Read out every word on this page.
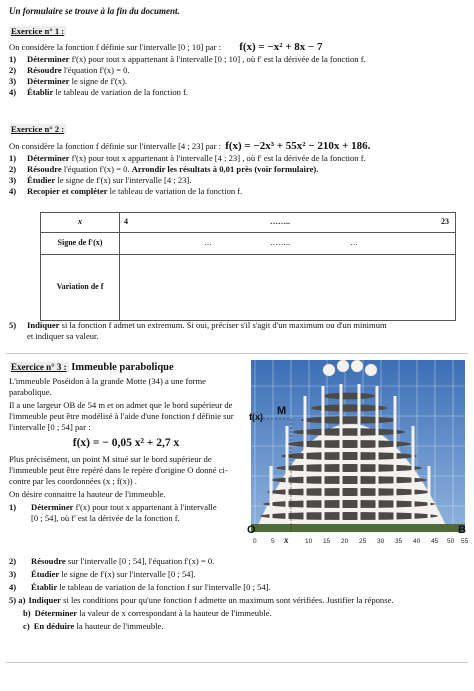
Un formulaire se trouve à la fin du document.
Exercice n° 1 :
On considère la fonction f définie sur l'intervalle [0 ; 10] par : f(x) = −x² + 8x − 7
1) Déterminer f'(x) pour tout x appartenant à l'intervalle [0 ; 10] , où f' est la dérivée de la fonction f.
2) Résoudre l'équation f'(x) = 0.
3) Déterminer le signe de f'(x).
4) Établir le tableau de variation de la fonction f.
Exercice n° 2 :
On considère la fonction f définie sur l'intervalle [4 ; 23] par : f(x) = −2x³ + 55x² − 210x + 186.
1) Déterminer f'(x) pour tout x appartenant à l'intervalle [4 ; 23] , où f' est la dérivée de la fonction f.
2) Résoudre l'équation f'(x) = 0. Arrondir les résultats à 0,01 près (voir formulaire).
3) Étudier le signe de f'(x) sur l'intervalle [4 ; 23].
4) Recopier et compléter le tableau de variation de la fonction f.
x	4 …….. 23

Signe de f'(x)	… …….. …

Variation de f	
5) Indiquer si la fonction f admet un extremum. Si oui, préciser s'il s'agit d'un maximum ou d'un minimum
et indiquer sa valeur.
Exercice n° 3 : Immeuble parabolique
L'immeuble Poséidon à la grande Motte (34) a une forme parabolique.
Il a une largeur OB de 54 m et on admet que le bord supérieur de l'immeuble peut être modélisé à l'aide d'une fonction f définie sur l'intervalle [0 ; 54] par :
f(x) = − 0,05 x² + 2,7 x
Plus précisément, un point M situé sur le bord supérieur de l'immeuble peut être repéré dans le repère d'origine O donné ci-contre par les coordonnées (x ; f(x)) .
On désire connaitre la hauteur de l'immeuble.
1)	Déterminer f'(x) pour tout x appartenant à l'intervalle [0 ; 54], où f' est la dérivée de la fonction f.
f(x) M
O	B
x
0 5	10 15 20 25 30 35 40 45 50 55
2) Résoudre sur l'intervalle [0 ; 54], l'équation f'(x) = 0.
3) Étudier le signe de f'(x) sur l'intervalle [0 ; 54].
4) Établir le tableau de variation de la fonction f sur l'intervalle [0 ; 54].
5) a) Indiquer si les conditions pour qu'une fonction f admette un maximum sont vérifiées. Justifier la réponse.
b) Déterminer la valeur de x correspondant à la hauteur de l'immeuble.
c) En déduire la hauteur de l'immeuble.
